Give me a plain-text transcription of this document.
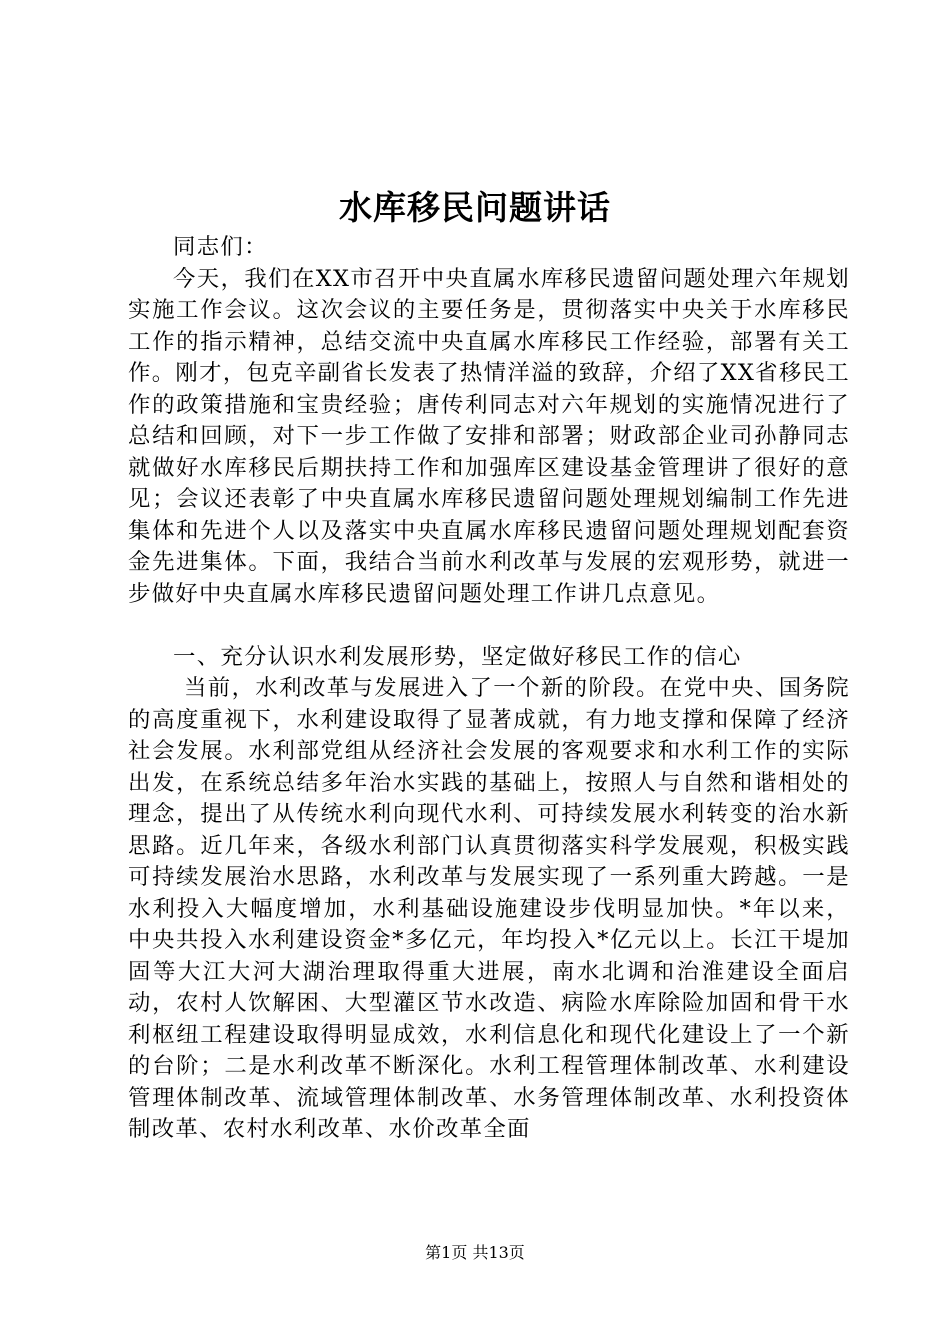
水库移民问题讲话

同志们：

今天，我们在XX市召开中央直属水库移民遗留问题处理六年规划实施工作会议。这次会议的主要任务是，贯彻落实中央关于水库移民工作的指示精神，总结交流中央直属水库移民工作经验，部署有关工作。刚才，包克辛副省长发表了热情洋溢的致辞，介绍了XX省移民工作的政策措施和宝贵经验；唐传利同志对六年规划的实施情况进行了总结和回顾，对下一步工作做了安排和部署；财政部企业司孙静同志就做好水库移民后期扶持工作和加强库区建设基金管理讲了很好的意见；会议还表彰了中央直属水库移民遗留问题处理规划编制工作先进集体和先进个人以及落实中央直属水库移民遗留问题处理规划配套资金先进集体。下面，我结合当前水利改革与发展的宏观形势，就进一步做好中央直属水库移民遗留问题处理工作讲几点意见。

一、充分认识水利发展形势，坚定做好移民工作的信心

当前，水利改革与发展进入了一个新的阶段。在党中央、国务院的高度重视下，水利建设取得了显著成就，有力地支撑和保障了经济社会发展。水利部党组从经济社会发展的客观要求和水利工作的实际出发，在系统总结多年治水实践的基础上，按照人与自然和谐相处的理念，提出了从传统水利向现代水利、可持续发展水利转变的治水新思路。近几年来，各级水利部门认真贯彻落实科学发展观，积极实践可持续发展治水思路，水利改革与发展实现了一系列重大跨越。一是水利投入大幅度增加，水利基础设施建设步伐明显加快。*年以来，中央共投入水利建设资金*多亿元，年均投入*亿元以上。长江干堤加固等大江大河大湖治理取得重大进展，南水北调和治淮建设全面启动，农村人饮解困、大型灌区节水改造、病险水库除险加固和骨干水利枢纽工程建设取得明显成效，水利信息化和现代化建设上了一个新的台阶；二是水利改革不断深化。水利工程管理体制改革、水利建设管理体制改革、流域管理体制改革、水务管理体制改革、水利投资体制改革、农村水利改革、水价改革全面

第1页 共13页
